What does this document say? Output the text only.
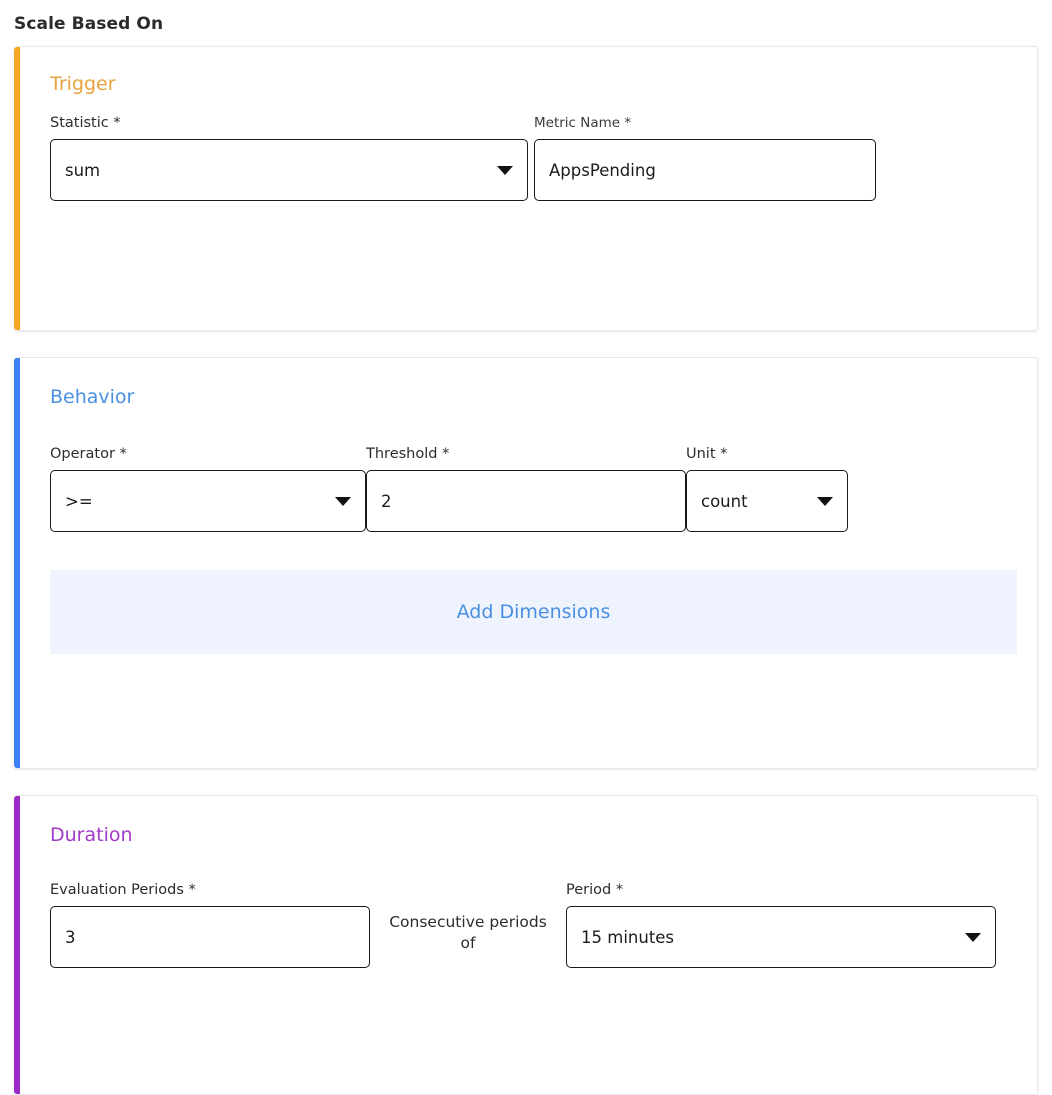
Scale Based On
Trigger
Statistic *
sum
Metric Name *
AppsPending
Behavior
Operator *
>=
Threshold *
2
Unit *
count
Add Dimensions
Duration
Evaluation Periods *
3
Consecutive periods of
Period *
15 minutes
